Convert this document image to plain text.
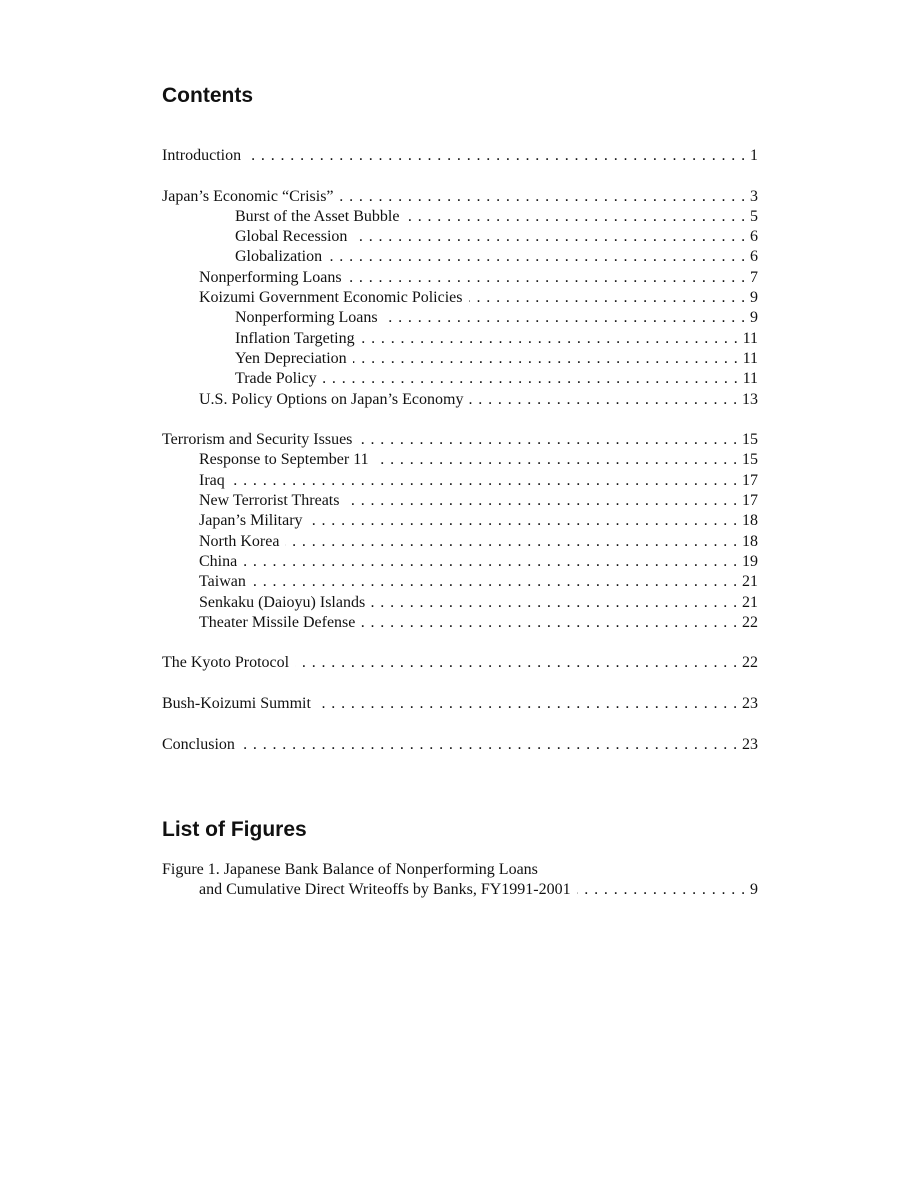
Contents
Introduction . . .	1
Japan’s Economic “Crisis” . . .	3
Burst of the Asset Bubble . . .	5
Global Recession . . .	6
Globalization . . .	6
Nonperforming Loans . . .	7
Koizumi Government Economic Policies . . .	9
Nonperforming Loans . . .	9
Inflation Targeting . . .	11
Yen Depreciation . . .	11
Trade Policy . . .	11
U.S. Policy Options on Japan’s Economy . . .	13
Terrorism and Security Issues . . .	15
Response to September 11 . . .	15
Iraq . . .	17
New Terrorist Threats . . .	17
Japan’s Military . . .	18
North Korea . . .	18
China . . .	19
Taiwan . . .	21
Senkaku (Daioyu) Islands . . .	21
Theater Missile Defense . . .	22
The Kyoto Protocol . . .	22
Bush-Koizumi Summit . . .	23
Conclusion . . .	23
List of Figures
Figure 1. Japanese Bank Balance of Nonperforming Loans
and Cumulative Direct Writeoffs by Banks, FY1991-2001 . . .	9
